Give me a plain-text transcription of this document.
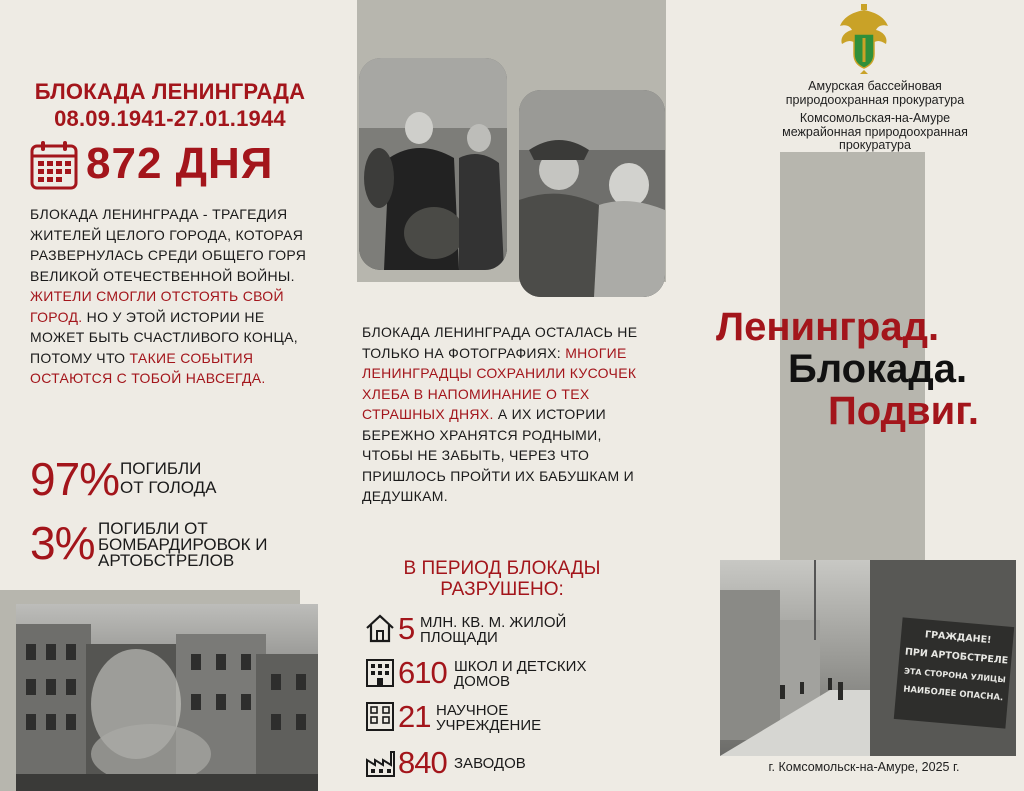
БЛОКАДА ЛЕНИНГРАДА
08.09.1941-27.01.1944
872 ДНЯ
БЛОКАДА ЛЕНИНГРАДА - ТРАГЕДИЯ ЖИТЕЛЕЙ ЦЕЛОГО ГОРОДА, КОТОРАЯ РАЗВЕРНУЛАСЬ СРЕДИ ОБЩЕГО ГОРЯ ВЕЛИКОЙ ОТЕЧЕСТВЕННОЙ ВОЙНЫ. ЖИТЕЛИ СМОГЛИ ОТСТОЯТЬ СВОЙ ГОРОД. НО У ЭТОЙ ИСТОРИИ НЕ МОЖЕТ БЫТЬ СЧАСТЛИВОГО КОНЦА, ПОТОМУ ЧТО ТАКИЕ СОБЫТИЯ ОСТАЮТСЯ С ТОБОЙ НАВСЕГДА.
97% ПОГИБЛИ
ОТ ГОЛОДА
3% ПОГИБЛИ ОТ
БОМБАРДИРОВОК И
АРТОБСТРЕЛОВ
БЛОКАДА ЛЕНИНГРАДА ОСТАЛАСЬ НЕ ТОЛЬКО НА ФОТОГРАФИЯХ: МНОГИЕ ЛЕНИНГРАДЦЫ СОХРАНИЛИ КУСОЧЕК ХЛЕБА В НАПОМИНАНИЕ О ТЕХ СТРАШНЫХ ДНЯХ. А ИХ ИСТОРИИ БЕРЕЖНО ХРАНЯТСЯ РОДНЫМИ, ЧТОБЫ НЕ ЗАБЫТЬ, ЧЕРЕЗ ЧТО ПРИШЛОСЬ ПРОЙТИ ИХ БАБУШКАМ И ДЕДУШКАМ.
В ПЕРИОД БЛОКАДЫ
РАЗРУШЕНО:
5 МЛН. КВ. М. ЖИЛОЙ
ПЛОЩАДИ
610 ШКОЛ И ДЕТСКИХ
ДОМОВ
21 НАУЧНОЕ
УЧРЕЖДЕНИЕ
840 ЗАВОДОВ
Амурская бассейновая
природоохранная прокуратура
Комсомольская-на-Амуре
межрайонная природоохранная
прокуратура
Ленинград.
Блокада.
Подвиг.
ГРАЖДАНЕ!
ПРИ АРТОБСТРЕЛЕ
ЭТА СТОРОНА УЛИЦЫ
НАИБОЛЕЕ ОПАСНА.
г. Комсомольск-на-Амуре, 2025 г.
